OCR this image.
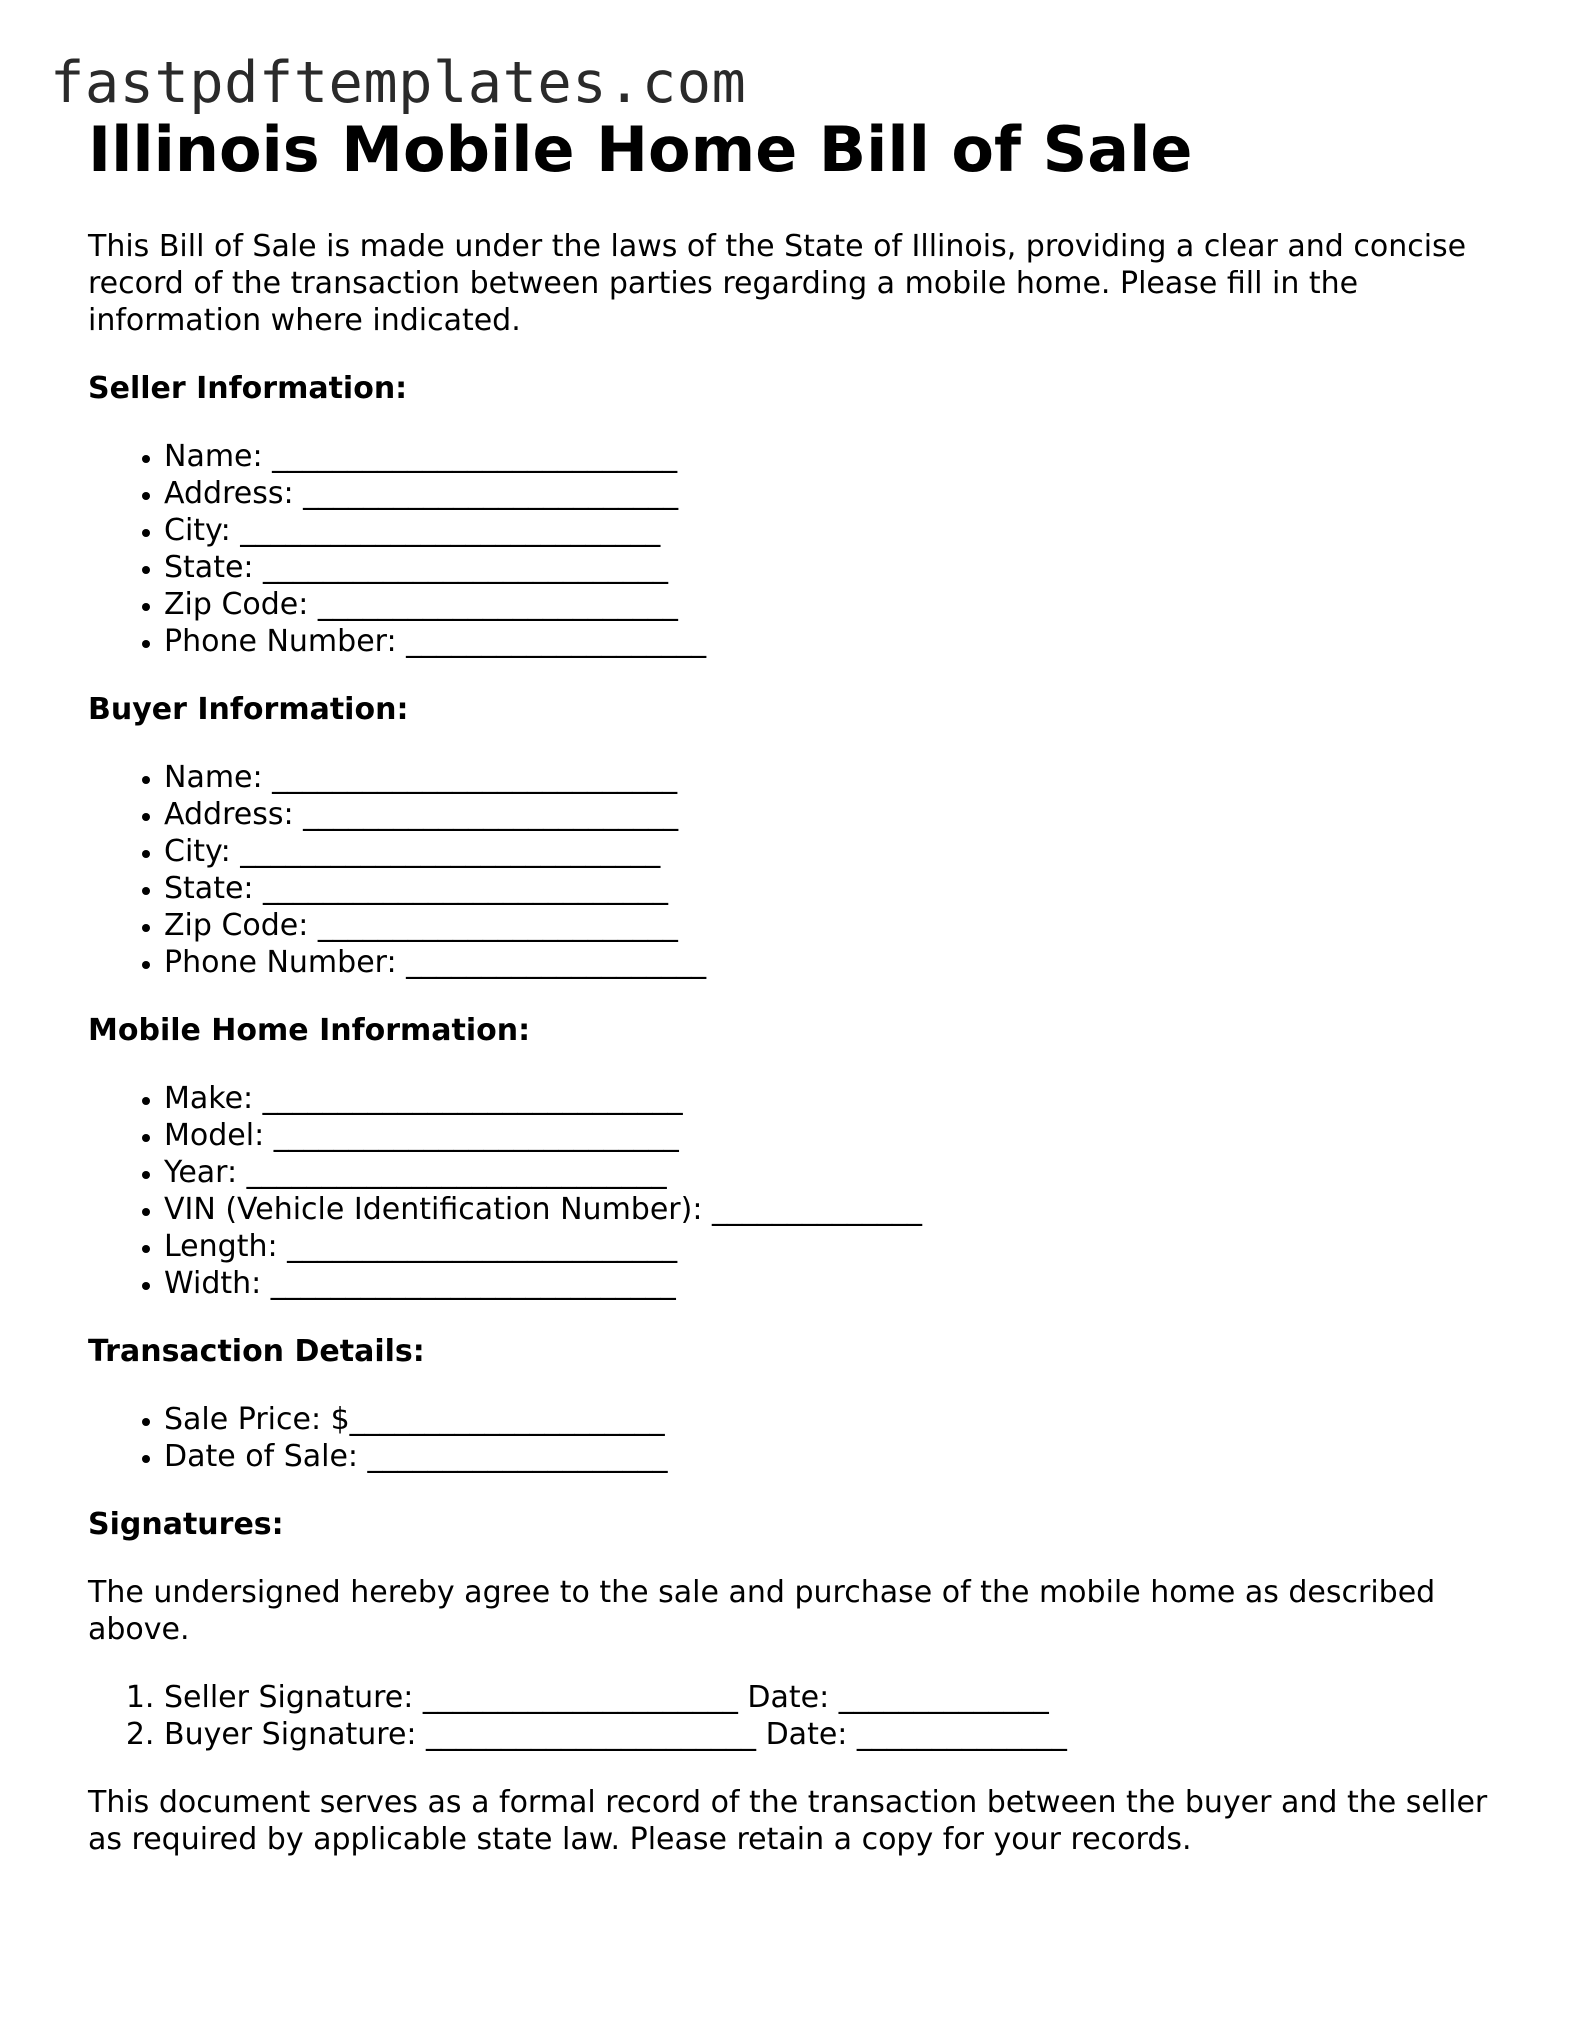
fastpdftemplates.com
Illinois Mobile Home Bill of Sale

This Bill of Sale is made under the laws of the State of Illinois, providing a clear and concise record of the transaction between parties regarding a mobile home. Please fill in the information where indicated.

Seller Information:
• Name: ___________________________
• Address: _________________________
• City: ____________________________
• State: ___________________________
• Zip Code: ________________________
• Phone Number: ____________________
Buyer Information:
• Name: ___________________________
• Address: _________________________
• City: ____________________________
• State: ___________________________
• Zip Code: ________________________
• Phone Number: ____________________
Mobile Home Information:
• Make: ____________________________
• Model: ___________________________
• Year: ____________________________
• VIN (Vehicle Identification Number): ______________
• Length: __________________________
• Width: ___________________________
Transaction Details:
• Sale Price: $_____________________
• Date of Sale: ____________________
Signatures:

The undersigned hereby agree to the sale and purchase of the mobile home as described above.

1. Seller Signature: _____________________ Date: ______________
2. Buyer Signature: ______________________ Date: ______________

This document serves as a formal record of the transaction between the buyer and the seller as required by applicable state law. Please retain a copy for your records.
